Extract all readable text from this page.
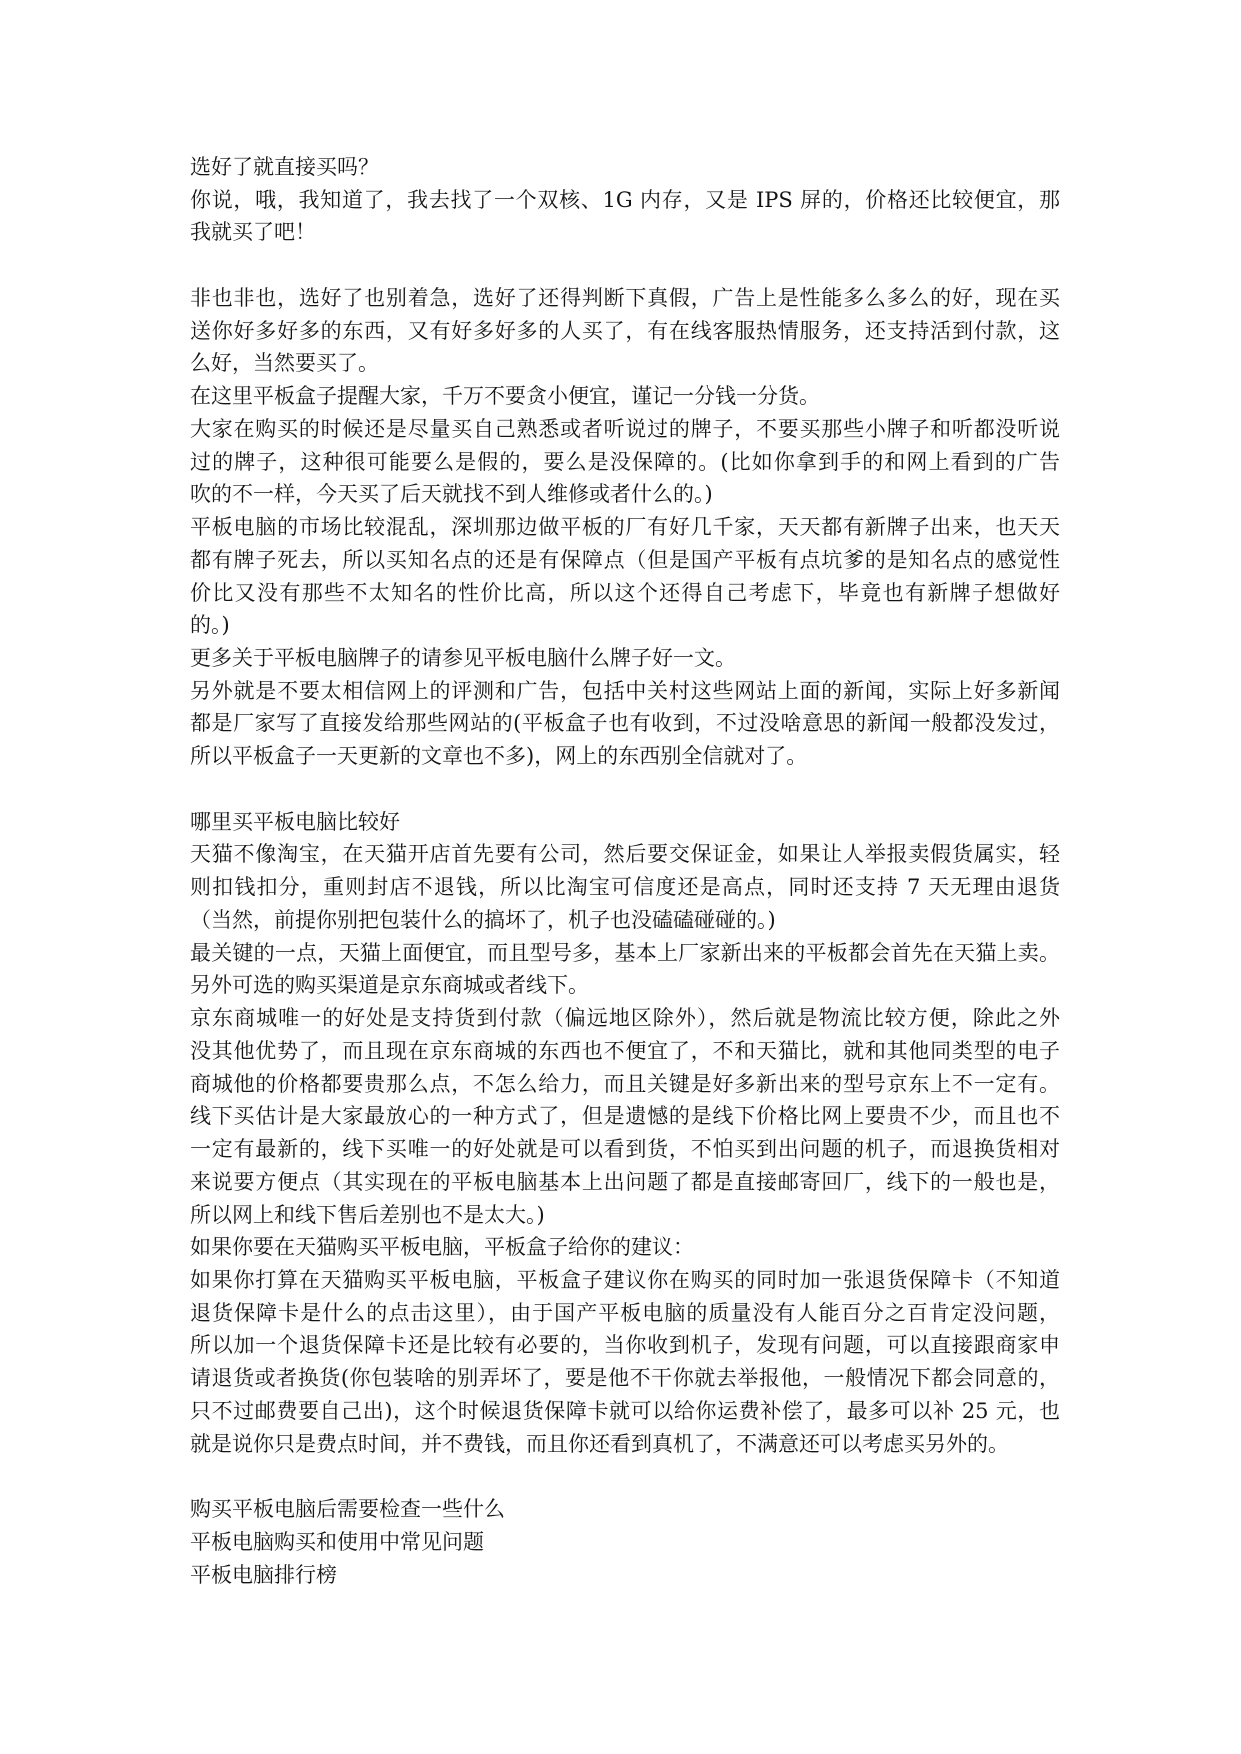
选好了就直接买吗？
你说，哦，我知道了，我去找了一个双核、1G 内存，又是 IPS 屏的，价格还比较便宜，那
我就买了吧！
非也非也，选好了也别着急，选好了还得判断下真假，广告上是性能多么多么的好，现在买
送你好多好多的东西，又有好多好多的人买了，有在线客服热情服务，还支持活到付款，这
么好，当然要买了。
在这里平板盒子提醒大家，千万不要贪小便宜，谨记一分钱一分货。
大家在购买的时候还是尽量买自己熟悉或者听说过的牌子，不要买那些小牌子和听都没听说
过的牌子，这种很可能要么是假的，要么是没保障的。(比如你拿到手的和网上看到的广告
吹的不一样，今天买了后天就找不到人维修或者什么的。)
平板电脑的市场比较混乱，深圳那边做平板的厂有好几千家，天天都有新牌子出来，也天天
都有牌子死去，所以买知名点的还是有保障点（但是国产平板有点坑爹的是知名点的感觉性
价比又没有那些不太知名的性价比高，所以这个还得自己考虑下，毕竟也有新牌子想做好
的。)
更多关于平板电脑牌子的请参见平板电脑什么牌子好一文。
另外就是不要太相信网上的评测和广告，包括中关村这些网站上面的新闻，实际上好多新闻
都是厂家写了直接发给那些网站的(平板盒子也有收到，不过没啥意思的新闻一般都没发过，
所以平板盒子一天更新的文章也不多)，网上的东西别全信就对了。
哪里买平板电脑比较好
天猫不像淘宝，在天猫开店首先要有公司，然后要交保证金，如果让人举报卖假货属实，轻
则扣钱扣分，重则封店不退钱，所以比淘宝可信度还是高点，同时还支持 7 天无理由退货
（当然，前提你别把包装什么的搞坏了，机子也没磕磕碰碰的。)
最关键的一点，天猫上面便宜，而且型号多，基本上厂家新出来的平板都会首先在天猫上卖。
另外可选的购买渠道是京东商城或者线下。
京东商城唯一的好处是支持货到付款（偏远地区除外），然后就是物流比较方便，除此之外
没其他优势了，而且现在京东商城的东西也不便宜了，不和天猫比，就和其他同类型的电子
商城他的价格都要贵那么点，不怎么给力，而且关键是好多新出来的型号京东上不一定有。
线下买估计是大家最放心的一种方式了，但是遗憾的是线下价格比网上要贵不少，而且也不
一定有最新的，线下买唯一的好处就是可以看到货，不怕买到出问题的机子，而退换货相对
来说要方便点（其实现在的平板电脑基本上出问题了都是直接邮寄回厂，线下的一般也是，
所以网上和线下售后差别也不是太大。)
如果你要在天猫购买平板电脑，平板盒子给你的建议：
如果你打算在天猫购买平板电脑，平板盒子建议你在购买的同时加一张退货保障卡（不知道
退货保障卡是什么的点击这里），由于国产平板电脑的质量没有人能百分之百肯定没问题，
所以加一个退货保障卡还是比较有必要的，当你收到机子，发现有问题，可以直接跟商家申
请退货或者换货(你包装啥的别弄坏了，要是他不干你就去举报他，一般情况下都会同意的，
只不过邮费要自己出)，这个时候退货保障卡就可以给你运费补偿了，最多可以补 25 元，也
就是说你只是费点时间，并不费钱，而且你还看到真机了，不满意还可以考虑买另外的。
购买平板电脑后需要检查一些什么
平板电脑购买和使用中常见问题
平板电脑排行榜
